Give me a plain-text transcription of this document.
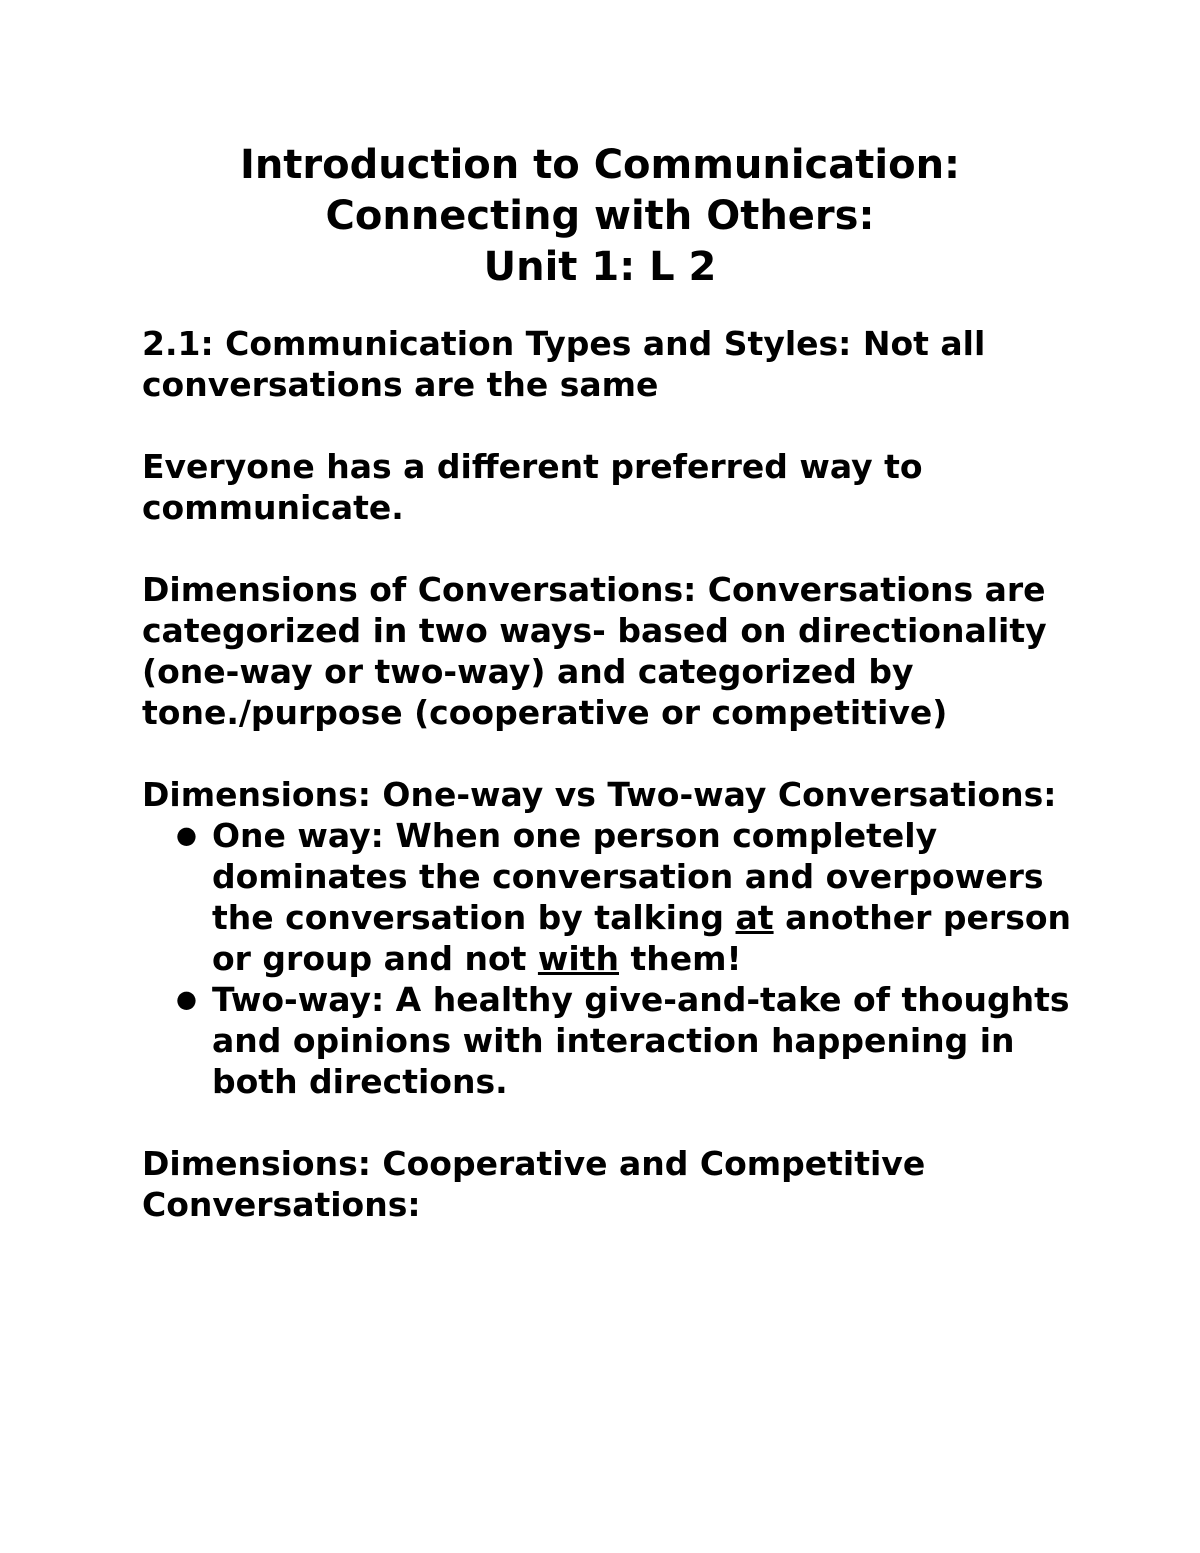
Introduction to Communication:
Connecting with Others:
Unit 1: L 2

2.1: Communication Types and Styles: Not all conversations are the same

Everyone has a different preferred way to communicate.

Dimensions of Conversations: Conversations are categorized in two ways- based on directionality (one-way or two-way) and categorized by tone./purpose (cooperative or competitive)

Dimensions: One-way vs Two-way Conversations:

● One way: When one person completely dominates the conversation and overpowers the conversation by talking at another person or group and not with them!
● Two-way: A healthy give-and-take of thoughts and opinions with interaction happening in both directions.

Dimensions: Cooperative and Competitive Conversations:
